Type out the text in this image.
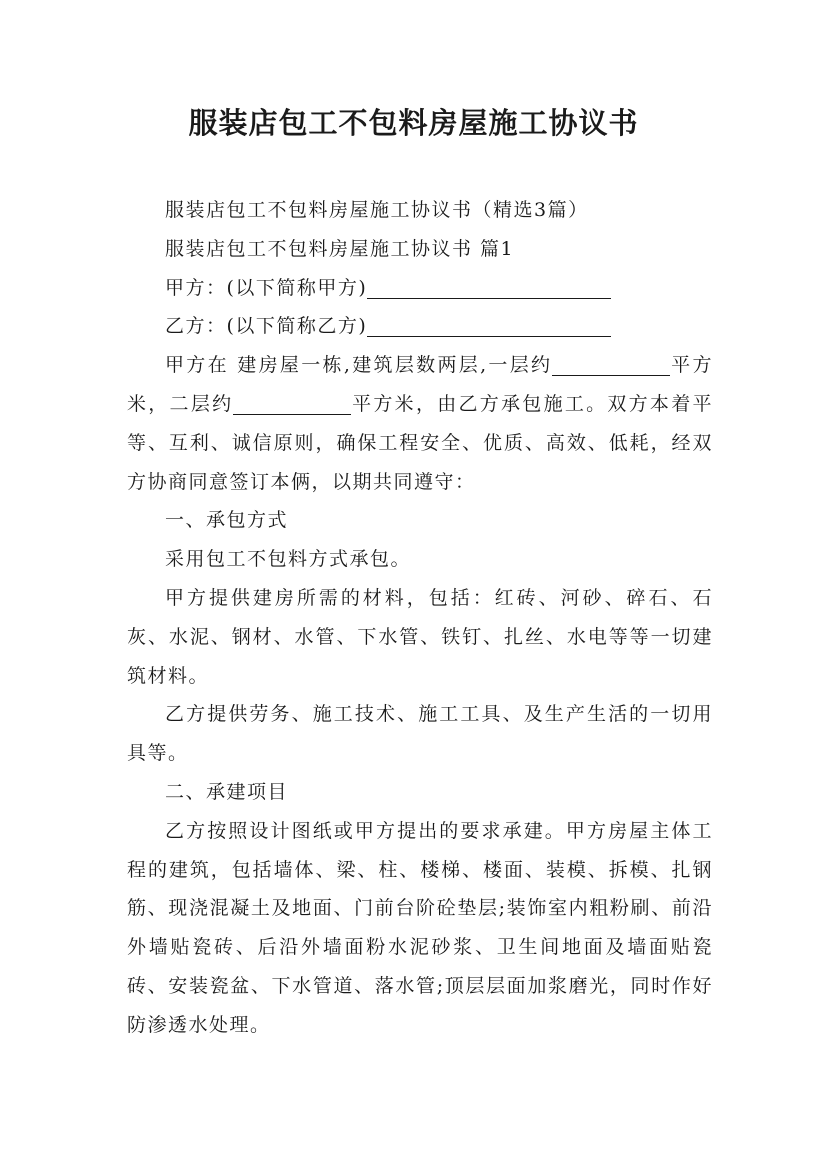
服装店包工不包料房屋施工协议书

服装店包工不包料房屋施工协议书（精选3篇）

服装店包工不包料房屋施工协议书 篇1

甲方：(以下简称甲方)

乙方：(以下简称乙方)

甲方在 建房屋一栋,建筑层数两层,一层约	平方米，二层约	平方米，由乙方承包施工。双方本着平等、互利、诚信原则，确保工程安全、优质、高效、低耗，经双方协商同意签订本俩，以期共同遵守：

一、承包方式

采用包工不包料方式承包。

甲方提供建房所需的材料，包括：红砖、河砂、碎石、石灰、水泥、钢材、水管、下水管、铁钉、扎丝、水电等等一切建筑材料。

乙方提供劳务、施工技术、施工工具、及生产生活的一切用具等。

二、承建项目

乙方按照设计图纸或甲方提出的要求承建。甲方房屋主体工程的建筑，包括墙体、梁、柱、楼梯、楼面、装模、拆模、扎钢筋、现浇混凝土及地面、门前台阶砼垫层;装饰室内粗粉刷、前沿外墙贴瓷砖、后沿外墙面粉水泥砂浆、卫生间地面及墙面贴瓷砖、安装瓷盆、下水管道、落水管;顶层层面加浆磨光，同时作好防渗透水处理。
